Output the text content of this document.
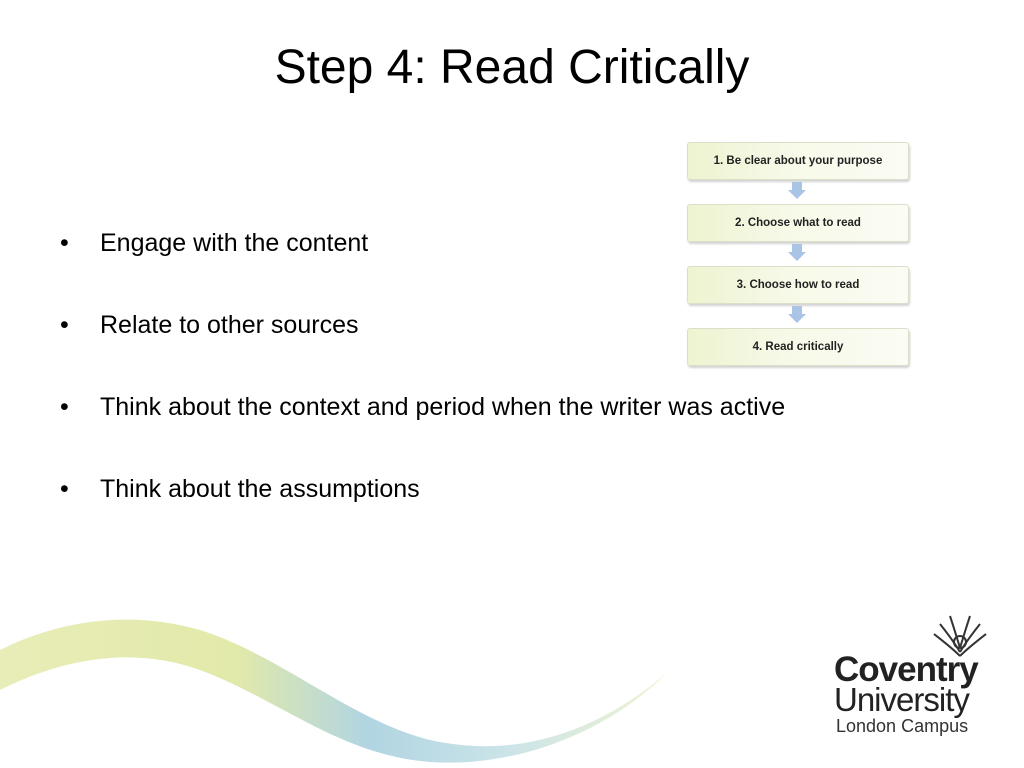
Step 4: Read Critically
•	Engage with the content
•	Relate to other sources
•	Think about the context and period when the writer was active
•	Think about the assumptions
1. Be clear about your purpose
2. Choose what to read
3. Choose how to read
4. Read critically
Coventry
University
London Campus
